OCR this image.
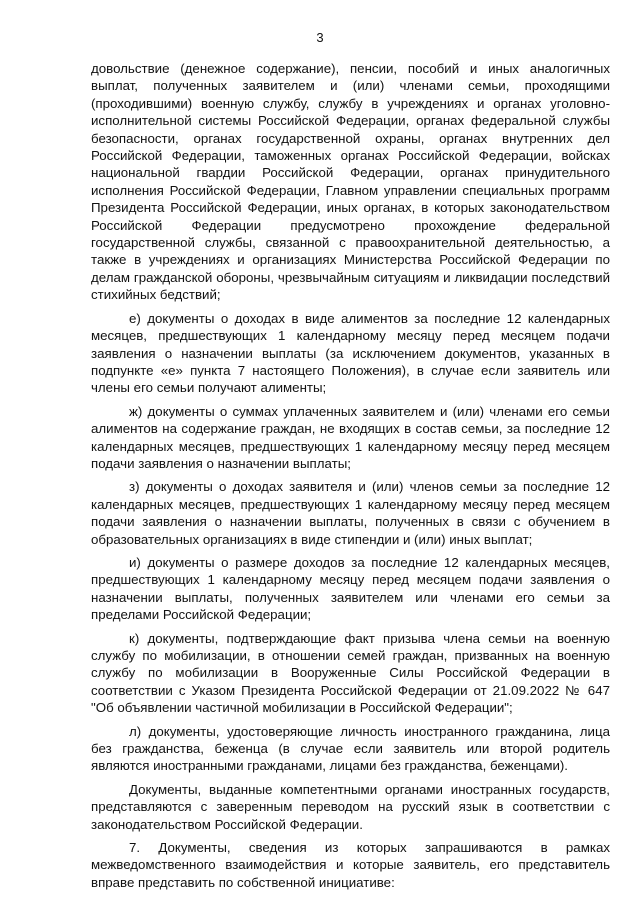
3

довольствие (денежное содержание), пенсии, пособий и иных аналогичных выплат, полученных заявителем и (или) членами семьи, проходящими (проходившими) военную службу, службу в учреждениях и органах уголовно-исполнительной системы Российской Федерации, органах федеральной службы безопасности, органах государственной охраны, органах внутренних дел Российской Федерации, таможенных органах Российской Федерации, войсках национальной гвардии Российской Федерации, органах принудительного исполнения Российской Федерации, Главном управлении специальных программ Президента Российской Федерации, иных органах, в которых законодательством Российской Федерации предусмотрено прохождение федеральной государственной службы, связанной с правоохранительной деятельностью, а также в учреждениях и организациях Министерства Российской Федерации по делам гражданской обороны, чрезвычайным ситуациям и ликвидации последствий стихийных бедствий;

е) документы о доходах в виде алиментов за последние 12 календарных месяцев, предшествующих 1 календарному месяцу перед месяцем подачи заявления о назначении выплаты (за исключением документов, указанных в подпункте «е» пункта 7 настоящего Положения), в случае если заявитель или члены его семьи получают алименты;

ж) документы о суммах уплаченных заявителем и (или) членами его семьи алиментов на содержание граждан, не входящих в состав семьи, за последние 12 календарных месяцев, предшествующих 1 календарному месяцу перед месяцем подачи заявления о назначении выплаты;

з) документы о доходах заявителя и (или) членов семьи за последние 12 календарных месяцев, предшествующих 1 календарному месяцу перед месяцем подачи заявления о назначении выплаты, полученных в связи с обучением в образовательных организациях в виде стипендии и (или) иных выплат;

и) документы о размере доходов за последние 12 календарных месяцев, предшествующих 1 календарному месяцу перед месяцем подачи заявления о назначении выплаты, полученных заявителем или членами его семьи за пределами Российской Федерации;

к) документы, подтверждающие факт призыва члена семьи на военную службу по мобилизации, в отношении семей граждан, призванных на военную службу по мобилизации в Вооруженные Силы Российской Федерации в соответствии с Указом Президента Российской Федерации от 21.09.2022 № 647 "Об объявлении частичной мобилизации в Российской Федерации";

л) документы, удостоверяющие личность иностранного гражданина, лица без гражданства, беженца (в случае если заявитель или второй родитель являются иностранными гражданами, лицами без гражданства, беженцами).

Документы, выданные компетентными органами иностранных государств, представляются с заверенным переводом на русский язык в соответствии с законодательством Российской Федерации.

7. Документы, сведения из которых запрашиваются в рамках межведомственного взаимодействия и которые заявитель, его представитель вправе представить по собственной инициативе:
